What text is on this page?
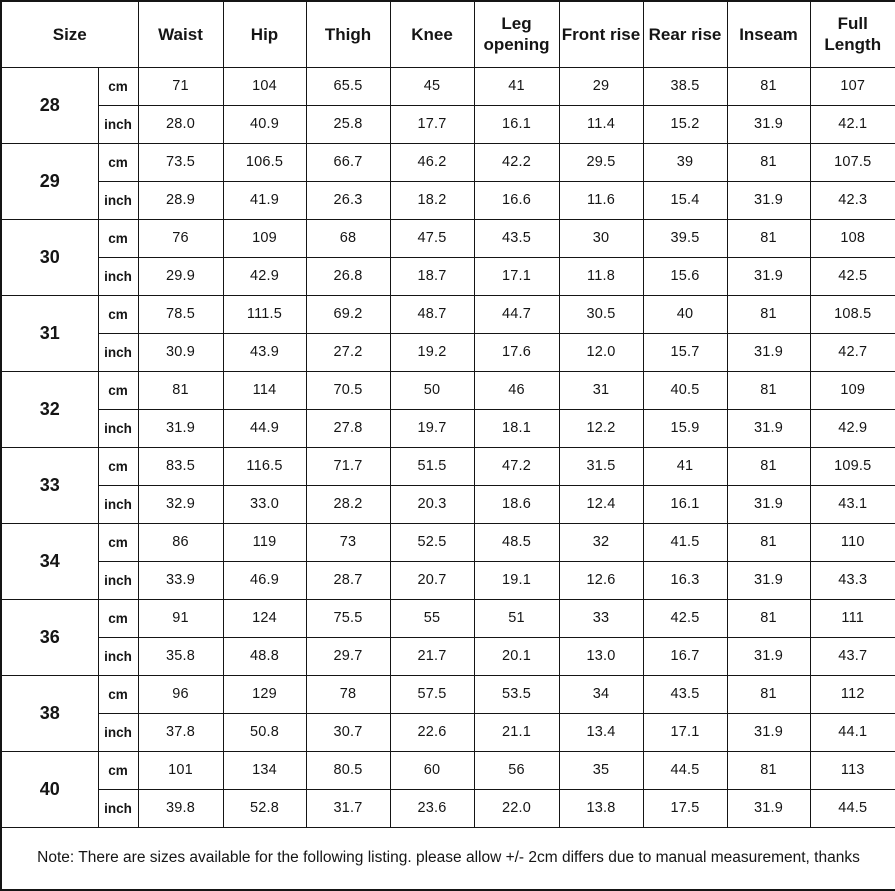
Size		Waist	Hip	Thigh	Knee	Leg opening	Front rise	Rear rise	Inseam	Full Length
28	cm	71	104	65.5	45	41	29	38.5	81	107
	inch	28.0	40.9	25.8	17.7	16.1	11.4	15.2	31.9	42.1
29	cm	73.5	106.5	66.7	46.2	42.2	29.5	39	81	107.5
	inch	28.9	41.9	26.3	18.2	16.6	11.6	15.4	31.9	42.3
30	cm	76	109	68	47.5	43.5	30	39.5	81	108
	inch	29.9	42.9	26.8	18.7	17.1	11.8	15.6	31.9	42.5
31	cm	78.5	111.5	69.2	48.7	44.7	30.5	40	81	108.5
	inch	30.9	43.9	27.2	19.2	17.6	12.0	15.7	31.9	42.7
32	cm	81	114	70.5	50	46	31	40.5	81	109
	inch	31.9	44.9	27.8	19.7	18.1	12.2	15.9	31.9	42.9
33	cm	83.5	116.5	71.7	51.5	47.2	31.5	41	81	109.5
	inch	32.9	33.0	28.2	20.3	18.6	12.4	16.1	31.9	43.1
34	cm	86	119	73	52.5	48.5	32	41.5	81	110
	inch	33.9	46.9	28.7	20.7	19.1	12.6	16.3	31.9	43.3
36	cm	91	124	75.5	55	51	33	42.5	81	111
	inch	35.8	48.8	29.7	21.7	20.1	13.0	16.7	31.9	43.7
38	cm	96	129	78	57.5	53.5	34	43.5	81	112
	inch	37.8	50.8	30.7	22.6	21.1	13.4	17.1	31.9	44.1
40	cm	101	134	80.5	60	56	35	44.5	81	113
	inch	39.8	52.8	31.7	23.6	22.0	13.8	17.5	31.9	44.5
Note: There are sizes available for the following listing. please allow +/- 2cm differs due to manual measurement, thanks										
